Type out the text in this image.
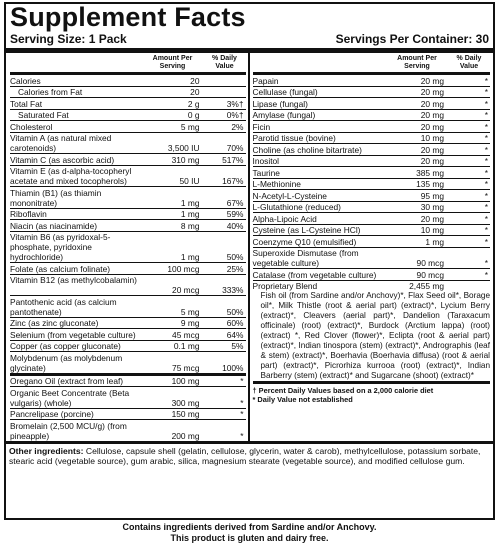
Supplement Facts
Serving Size: 1 Pack	Servings Per Container: 30
Amount Per Serving
% Daily Value
Calories	20
Calories from Fat	20
Total Fat	2 g	3%†
Saturated Fat	0 g	0%†
Cholesterol	5 mg	2%
Vitamin A (as natural mixed carotenoids)	3,500 IU	70%
Vitamin C (as ascorbic acid)	310 mg	517%
Vitamin E (as d-alpha-tocopheryl acetate and mixed tocopherols)	50 IU	167%
Thiamin (B1) (as thiamin mononitrate)	1 mg	67%
Riboflavin	1 mg	59%
Niacin (as niacinamide)	8 mg	40%
Vitamin B6 (as pyridoxal-5-phosphate, pyridoxine hydrochloride)	1 mg	50%
Folate (as calcium folinate)	100 mcg	25%
Vitamin B12 (as methylcobalamin)
20 mcg	333%
Pantothenic acid (as calcium pantothenate)	5 mg	50%
Zinc (as zinc gluconate)	9 mg	60%
Selenium (from vegetable culture)	45 mcg	64%
Copper (as copper gluconate)	0.1 mg	5%
Molybdenum (as molybdenum glycinate)	75 mcg	100%
Oregano Oil (extract from leaf)	100 mg	*
Organic Beet Concentrate (Beta vulgaris) (whole)	300 mg	*
Pancrelipase (porcine)	150 mg	*
Bromelain (2,500 MCU/g) (from pineapple)	200 mg	*
Amount Per Serving
% Daily Value
Papain	20 mg	*
Cellulase (fungal)	20 mg	*
Lipase (fungal)	20 mg	*
Amylase (fungal)	20 mg	*
Ficin	20 mg	*
Parotid tissue (bovine)	10 mg	*
Choline (as choline bitartrate)	20 mg	*
Inositol	20 mg	*
Taurine	385 mg	*
L-Methionine	135 mg	*
N-Acetyl-L-Cysteine	95 mg	*
L-Glutathione (reduced)	30 mg	*
Alpha-Lipoic Acid	20 mg	*
Cysteine (as L-Cysteine HCl)	10 mg	*
Coenzyme Q10 (emulsified)	1 mg	*
Superoxide Dismutase (from vegetable culture)	90 mcg	*
Catalase (from vegetable culture)	90 mcg	*
Proprietary Blend	2,455 mg
Fish oil (from Sardine and/or Anchovy)*, Flax Seed oil*, Borage oil*, Milk Thistle (root & aerial part) (extract)*, Lycium Berry (extract)*, Cleavers (aerial part)*, Dandelion (Taraxacum officinale) (root) (extract)*, Burdock (Arctium lappa) (root) (extract) *, Red Clover (flower)*, Eclipta (root & aerial part) (extract)*, Indian tinospora (stem) (extract)*, Andrographis (leaf & stem) (extract)*, Boerhavia (Boerhavia diffusa) (root & aerial part) (extract)*, Picrorhiza kurrooa (root) (extract)*, Indian Barberry (stem) (extract)* and Sugarcane (shoot) (extract)*
† Percent Daily Values based on a 2,000 calorie diet
* Daily Value not established
Other ingredients: Cellulose, capsule shell (gelatin, cellulose, glycerin, water & carob), methylcellulose, potassium sorbate, stearic acid (vegetable source), gum arabic, silica, magnesium stearate (vegetable source), and modified cellulose gum.
Contains ingredients derived from Sardine and/or Anchovy.
This product is gluten and dairy free.
